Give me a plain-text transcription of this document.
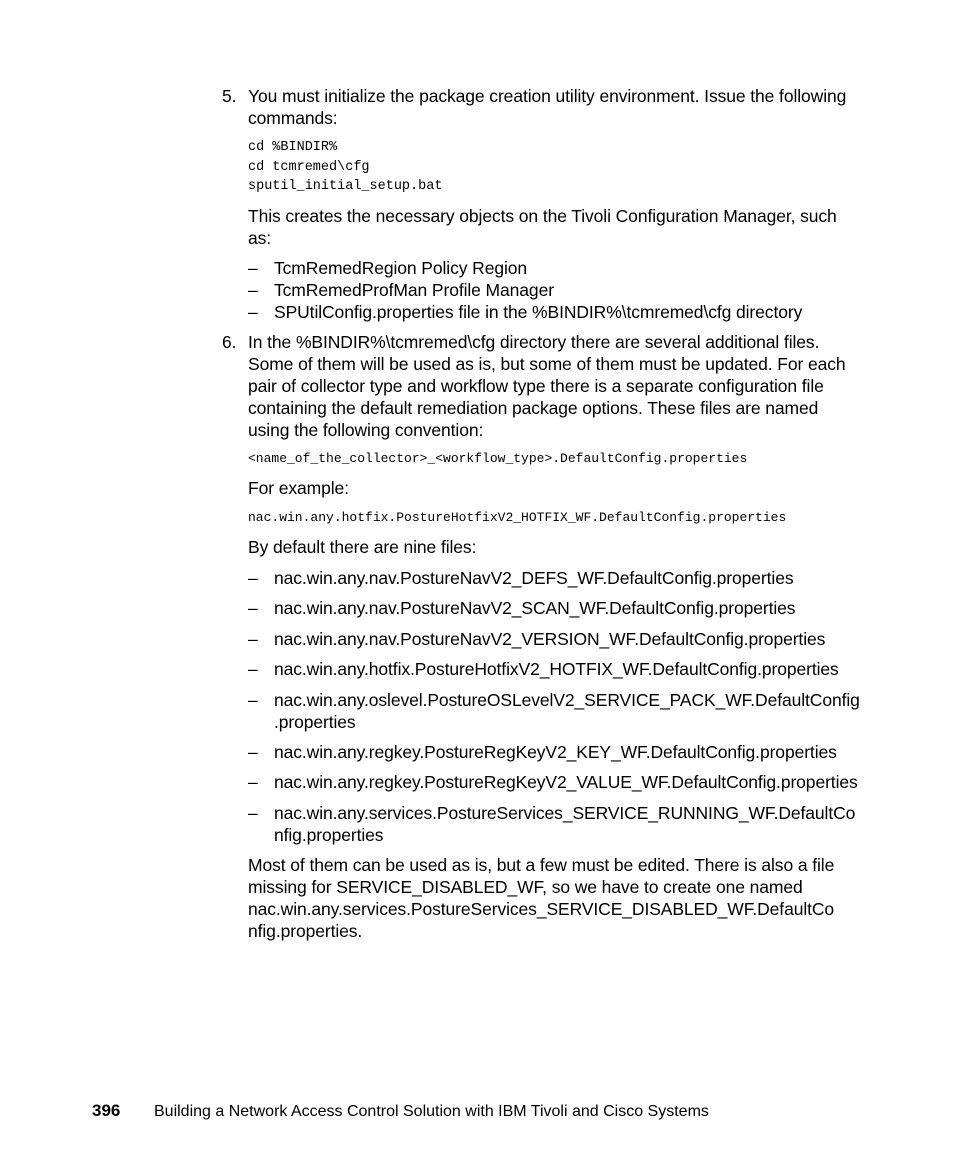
5. You must initialize the package creation utility environment. Issue the following commands:
cd %BINDIR%
cd tcmremed\cfg
sputil_initial_setup.bat
This creates the necessary objects on the Tivoli Configuration Manager, such as:
– TcmRemedRegion Policy Region
– TcmRemedProfMan Profile Manager
– SPUtilConfig.properties file in the %BINDIR%\tcmremed\cfg directory
6. In the %BINDIR%\tcmremed\cfg directory there are several additional files. Some of them will be used as is, but some of them must be updated. For each pair of collector type and workflow type there is a separate configuration file containing the default remediation package options. These files are named using the following convention:
<name_of_the_collector>_<workflow_type>.DefaultConfig.properties
For example:
nac.win.any.hotfix.PostureHotfixV2_HOTFIX_WF.DefaultConfig.properties
By default there are nine files:
– nac.win.any.nav.PostureNavV2_DEFS_WF.DefaultConfig.properties
– nac.win.any.nav.PostureNavV2_SCAN_WF.DefaultConfig.properties
– nac.win.any.nav.PostureNavV2_VERSION_WF.DefaultConfig.properties
– nac.win.any.hotfix.PostureHotfixV2_HOTFIX_WF.DefaultConfig.properties
– nac.win.any.oslevel.PostureOSLevelV2_SERVICE_PACK_WF.DefaultConfig .properties
– nac.win.any.regkey.PostureRegKeyV2_KEY_WF.DefaultConfig.properties
– nac.win.any.regkey.PostureRegKeyV2_VALUE_WF.DefaultConfig.properties
– nac.win.any.services.PostureServices_SERVICE_RUNNING_WF.DefaultCo nfig.properties
Most of them can be used as is, but a few must be edited. There is also a file missing for SERVICE_DISABLED_WF, so we have to create one named nac.win.any.services.PostureServices_SERVICE_DISABLED_WF.DefaultCo nfig.properties.
396 Building a Network Access Control Solution with IBM Tivoli and Cisco Systems
